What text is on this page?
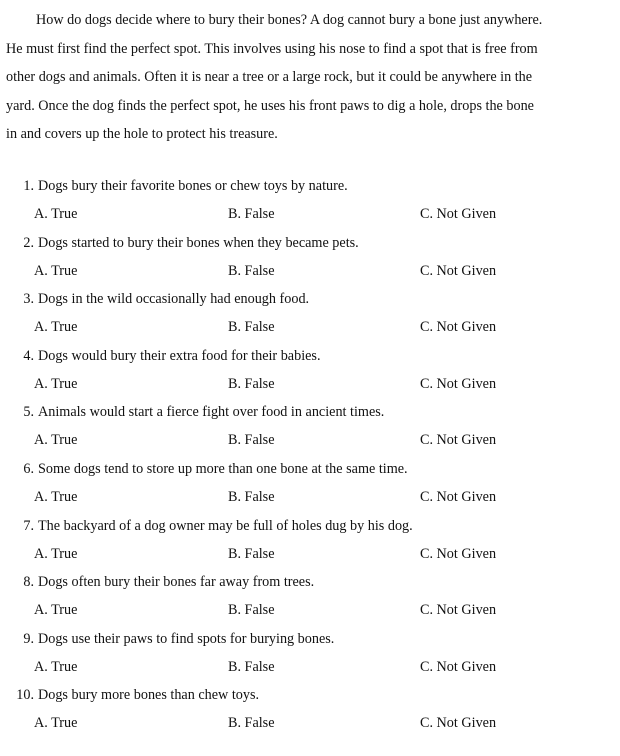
How do dogs decide where to bury their bones? A dog cannot bury a bone just anywhere.
He must first find the perfect spot. This involves using his nose to find a spot that is free from
other dogs and animals. Often it is near a tree or a large rock, but it could be anywhere in the
yard. Once the dog finds the perfect spot, he uses his front paws to dig a hole, drops the bone
in and covers up the hole to protect his treasure.
1. Dogs bury their favorite bones or chew toys by nature.
A. True	B. False	C. Not Given
2. Dogs started to bury their bones when they became pets.
A. True	B. False	C. Not Given
3. Dogs in the wild occasionally had enough food.
A. True	B. False	C. Not Given
4. Dogs would bury their extra food for their babies.
A. True	B. False	C. Not Given
5. Animals would start a fierce fight over food in ancient times.
A. True	B. False	C. Not Given
6. Some dogs tend to store up more than one bone at the same time.
A. True	B. False	C. Not Given
7. The backyard of a dog owner may be full of holes dug by his dog.
A. True	B. False	C. Not Given
8. Dogs often bury their bones far away from trees.
A. True	B. False	C. Not Given
9. Dogs use their paws to find spots for burying bones.
A. True	B. False	C. Not Given
10. Dogs bury more bones than chew toys.
A. True	B. False	C. Not Given
